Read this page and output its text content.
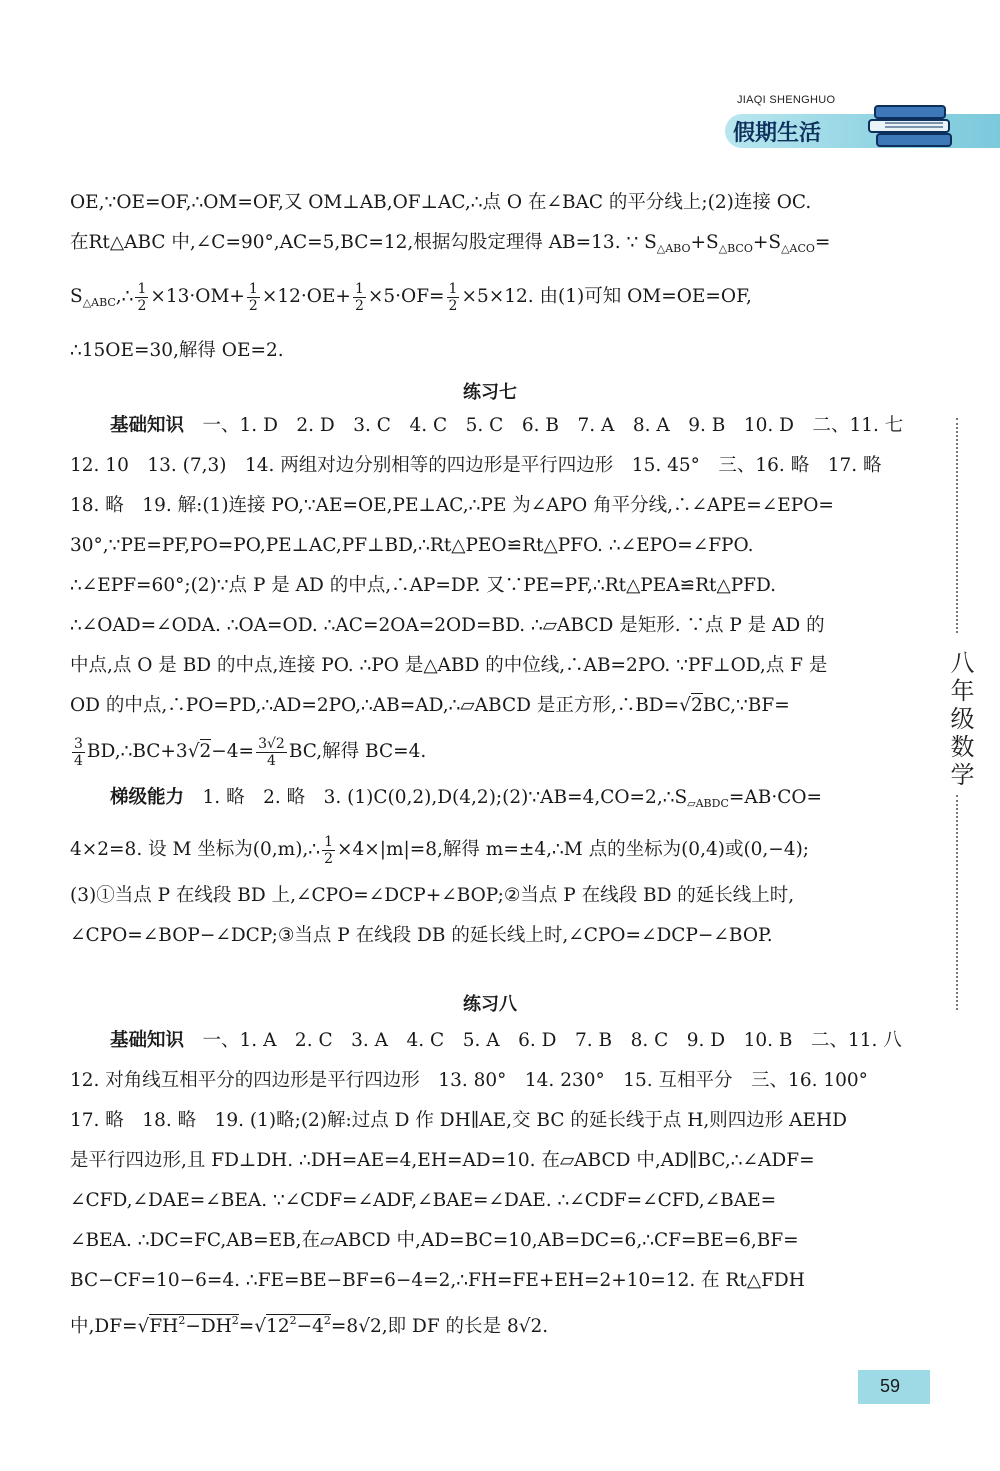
JIAQI SHENGHUO
假期生活
八年级数学

OE,∵OE=OF,∴OM=OF,又 OM⊥AB,OF⊥AC,∴点 O 在∠BAC 的平分线上;(2)连接 OC.

在Rt△ABC 中,∠C=90°,AC=5,BC=12,根据勾股定理得 AB=13. ∵ $S_{\triangle ABO}+S_{\triangle BCO}+S_{\triangle ACO}=$

$S_{\triangle ABC},\therefore \frac{1}{2} \times 13\cdot OM+ \frac{1}{2} \times 12\cdot OE+ \frac{1}{2} \times 5\cdot OF= \frac{1}{2} \times 5\times 12$. 由(1)可知 OM=OE=OF,

∴15OE=30,解得 OE=2.

练习七

基础知识　 一、1. D　2. D　3. C　4. C　5. C　6. B　7. A　8. A　9. B　10. D　二、11. 七

12. 10　13. (7,3)　14. 两组对边分别相等的四边形是平行四边形　15. 45°　三、16. 略　17. 略

18. 略　19. 解:(1)连接 PO,∵AE=OE,PE⊥AC,∴PE 为∠APO 角平分线,∴∠APE=∠EPO=

30°,∵PE=PF,PO=PO,PE⊥AC,PF⊥BD,∴Rt△PEO≌Rt△PFO. ∴∠EPO=∠FPO.

∴∠EPF=60°;(2)∵点 P 是 AD 的中点,∴AP=DP. 又∵PE=PF,∴Rt△PEA≌Rt△PFD.

∴∠OAD=∠ODA. ∴OA=OD. ∴AC=2OA=2OD=BD. ∴▱ABCD 是矩形. ∵点 P 是 AD 的

中点,点 O 是 BD 的中点,连接 PO. ∴PO 是△ABD 的中位线,∴AB=2PO. ∵PF⊥OD,点 F 是

OD 的中点,∴PO=PD,∴AD=2PO,∴AB=AD,∴▱ABCD 是正方形,∴BD=√2BC,∵BF=

$\frac{3}{4}$ BD,∴BC+3√2−4= $\frac{3√2}{4}$ BC,解得 BC=4.

梯级能力　 1. 略　2. 略　3. $(1)C(0,2),D(4,2);(2)\because AB=4,CO=2,\therefore S_{▱ABDC}=AB\cdot CO=$

4×2=8. 设 M 坐标为(0,m),∴ $\frac{1}{2} \times 4\times|m|=8$,解得 m=±4,∴M 点的坐标为(0,4)或(0,−4);

(3)①当点 P 在线段 BD 上,∠CPO=∠DCP+∠BOP;②当点 P 在线段 BD 的延长线上时,

∠CPO=∠BOP−∠DCP;③当点 P 在线段 DB 的延长线上时,∠CPO=∠DCP−∠BOP.

练习八

基础知识　 一、1. A　2. C　3. A　4. C　5. A　6. D　7. B　8. C　9. D　10. B　二、11. 八

12. 对角线互相平分的四边形是平行四边形　13. 80°　14. 230°　15. 互相平分　三、16. 100°

17. 略　18. 略　19. (1)略;(2)解:过点 D 作 DH∥AE,交 BC 的延长线于点 H,则四边形 AEHD

是平行四边形,且 FD⊥DH. ∴DH=AE=4,EH=AD=10. 在▱ABCD 中,AD∥BC,∴∠ADF=

∠CFD,∠DAE=∠BEA. ∵∠CDF=∠ADF,∠BAE=∠DAE. ∴∠CDF=∠CFD,∠BAE=

∠BEA. ∴DC=FC,AB=EB,在▱ABCD 中,AD=BC=10,AB=DC=6,∴CF=BE=6,BF=

BC−CF=10−6=4. ∴FE=BE−BF=6−4=2,∴FH=FE+EH=2+10=12. 在 Rt△FDH

中$,DF=√FH^2-DH^2=√12^2-4^2=8√2$,即 DF 的长是 8√2.

59
